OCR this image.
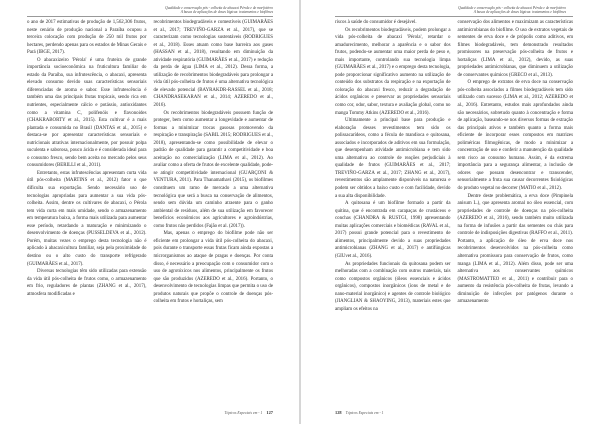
Qualidade e conservação pós - colheita de abacaxi Pérola e de morfotéreo
A busca de aplicações de doses lógicas: tratamentos e biofilmes

o ano de 2017 estimativas de produção de 1,562,306 frutos, neste cenário de produção nacional a Paraíba ocupou a terceira colocação com produção de 250 mil frutos por hectares, perdendo apenas para os estados de Minas Gerais e Pará (IBGE, 2017).

O abacaxizeiro 'Pérola' é uma fruteira de grande importância socioeconômica na fruticultura familiar do estado da Paraíba, sua infrutescência, o abacaxi, apresenta elevado consumo devido suas características sensoriais diferenciadas de aroma e sabor. Esse infrutescência é também uma das principais frutas tropicais, sendo rica em nutrientes, especialmente cálcio e potássio, antioxidantes como a vitamina C, polifenóis e flavonoides (CHAKRABORTY et al., 2015). Esta cultivar é a mais plantada e consumida no Brasil (DANTAS et al., 2015) e destaca-se por apresentar características sensoriais e nutricionais atrativas internacionalmente, por possuir polpa suculenta e saborosa, pouco ácida e é considerada ideal para o consumo fresco, sendo bem aceita no mercado pelos seus consumidores (BERILLI et al., 2011).

Entretanto, estas infrutescências apresentam curta vida útil pós-colheita (MARTINS et al., 2012) fator o que dificulta sua exportação. Sendo necessário uso de tecnologias apropriadas para aumentar a sua vida pós-colheita. Assim, dentre os cultivares de abacaxi, o Pérola tem vida curta em mais umidade, sendo o armazenamento em temperatura baixa, a forma mais utilizada para aumentar esse período, retardando a maturação e minimizando o desenvolvimento de doenças (PUSSELDEVA et al., 2012). Porém, muitas vezes o emprego desta tecnologia não é aplicado à abacaxicultura familiar, seja pela proximidade do destino ou o alto custo do transporte refrigerado (GUIMARÃES et al., 2017).

Diversas tecnologias têm sido utilizadas para extensão da vida útil pós-colheita de frutos como, o armazenamento em frio, reguladores de plantas (ZHANG et al., 2017), atmosfera modificadas e

recobrimentos biodegradáveis e comestíveis (GUIMARÃES et al., 2017; TREVIÑO-GARZA et al., 2017), que se caracterizam como tecnologias sustentáveis (RODRIGUES et al., 2018). Esses atuam como base barreira aos gases (HASSAN et al., 2018), resultando em diminuição da atividade respiratória (GUIMARÃES et al., 2017) e redução da perda de água (LIMA et al., 2012). Dessa forma, a utilização de recobrimentos biodegradáveis para prolongar a vida útil pós-colheita de frutos é uma alternativa tecnológica de elevado potencial (BAYRAKDR-RASSEL et al., 2018; CHANDRASEKARAN et al., 2014; AZEREDO et al., 2016).

Os recobrimentos biodegradáveis possuem função de proteger, bem como aumentar a longevidade e aumentar de formas a minimizar trocas gasosas promovendo da respiração e transpiração (SABIL 2015; RODRIGUES et al., 2018), apresentando-se como possibilidade de elevar o padrão de qualidade para garantir a competitividade e boa aceitação no comercialização (LIMA et al., 2012). Ao avaliar como a oferta de frutos de excelente qualidade, pode-se atingir competitividade internacional (GUARÇONI & VENTURA, 2011). Para Thanamathavi (2015), os biofilmes constituem um ramo de mercado a uma alternativa tecnológica que será a busca na conservação de alimentos, sendo sem dúvida um caminho atraente para o ganho ambiental de resíduos, além de sua utilização em favorecer benefícios econômicos aos agricultores e agroindústrias, como frutos não perdidos (Fajão et al. (2017)).

Mas, apenas o emprego do biofilme pode não ser eficiente em prolongar a vida útil pós-colheita do abacaxi, pois durante o transporte essas frutas ficam ainda expostas a microrganismos ao ataque de pragas e doenças. Por conta disso, é necessário a preocupação com o consumidor com o uso de agrotóxicos nos alimentos, principalmente os frutos que são produzidos (AZEREDO et al., 2016). Portanto, o desenvolvimento de tecnologias limpas que permita o uso de produtos naturais que propõe o controle de doenças pós-colheita em frutos e hortaliças, sem

Tópicos Especiais em - 1 127
Qualidade e conservação pós - colheita de abacaxi Pérola e de morfotéreo
A busca de aplicações de doses lógicas: tratamentos e biofilmes

riscos à saúde do consumidor é desejável.

Os recobrimentos biodegradáveis, podem prolongar a vida pós-colheita de abacaxi 'Pérola', retardar o amadurecimento, melhorar a aparência e o sabor dos frutos, podendo-se aumentar uma maior perda de peso e, mais importante, controlando sua tecnologia limpa (GUIMARÃES et al., 2017) e o emprego desta tecnologia, pode proporcionar significativo aumento na utilização de conteúdo dos substratos da respiração e na exportação de coloração do abacaxi fresco, reduzir a degradação de ácidos orgânicos e preservar as propriedades sensoriais como cor, odor, sabor, textura e avaliação global, como no manga Tommy Atkins (AZEREDO et al., 2016).

Ultimamente a principal base para produção e elaboração desses revestimentos tem sido os polissacarídeos, como a fécula de mandioca e quitosana, associados e incorporados de aditivos em sua formulação, que desempenham atividade antimicrobiana e tem sido uma alternativa ao controle de reações perjudiciais à qualidade de frutos (GUIMARÃES et al., 2017; TREVIÑO-GARZA et al., 2017; ZHANG et al., 2017), revestimentos são amplamente disponíveis na natureza e podem ser obtidos a baixo custo e com facilidade, devido a sua alta disponibilidade.

A quitosana é um biofilme formado a partir da quitina, que é encontrada em carapaças de crustáceos e conchas (CHANDRA & RUSTGI, 1998) apresentando muitas aplicações comerciais e biomédicas (RAVAL et al., 2017) possui grande potencial para o revestimento de alimentos, principalmente devido a suas propriedades antimicrobianas (ZHANG et al., 2017) e antifúngicas (GIUvet al., 2016).

As propriedades funcionais da quitosana podem ser melhoradas com a combinação com outros materiais, tais como compostos orgânicos (óleos essenciais e ácidos orgânicos), compostos inorgânicos (íons de metal e de nano-material inorgânico) e agentes de controle biológico (JIANGLIAN & SHAOYING, 2013), materiais estes que ampliam os efeitos na

conservação dos alimentos e maximizam as características antimicrobianas do biofilme. O uso de extratos vegetais de sementes de erva doce e de própolis como aditivos, em filmes biodegradáveis, tem demonstrado resultados promissores na preservação pós-colheita de frutos e hortaliças (LIMA et al., 2012), devido, as suas propriedades antimicrobianas, que diminuem a utilização de conservantes químicos (GRECO et al., 2013).

O emprego de extratos de erva doce na conservação pós-colheita associados a filmes biodegradáveis tem sido utilizado com sucesso (LIMA et al., 2012; AZEREDO et al., 2016). Entretanto, estudos mais aprofundados ainda são necessários, sobretudo quanto à concentração e forma de aplicação, baseando-se nos diversos formas de extração das principais ativos e também quanto a forma mais eficiente de incorporar esses compostos em matrizes poliméricas filmogênicas, de modo a minimizar a concentração de uso e conferir a manutenção da qualidade sem risco ao consumo humano. Assim, é da extrema importância para a segurança alimentar, a inclusão de odores que possam desencontrar e transcender, sensorialmente a fruta sua causar decorrentes fisiológicas do produto vegetal no decorrer (MATIO et al., 2012).

Dentre deste problemática, a erva doce (Pimpinela anisum L.), que apresenta aromal no óleo essencial, com propriedades de controle de doenças na pós-colheita (AZEREDO et al., 2016), sendo também muito utilizada na forma de infusões a partir das sementes ou chás para controle de indisposições digestivas (RAFFO et al., 2011). Portanto, a aplicação de óleo de erva doce nos recobrimentos desenvolvidos na pós-colheita como alternativa promissora para conservação de frutos, como manga (LIMA et al., 2012). Além disso, pode ser uma alternativa aos conservantes químicos (MASTROMATTEO et al., 2011) e contribuir para o aumento da resistência pós-colheita de frutas, levando a diminuição de infecções por patógenos durante o armazenamento

128 Tópicos Especiais em - 1
